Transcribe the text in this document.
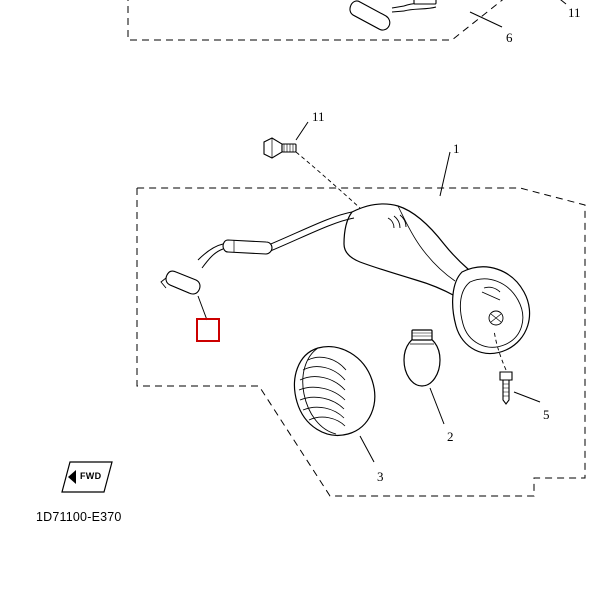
11
6
11
1
5
2
3
FWD
1D71100-E370
